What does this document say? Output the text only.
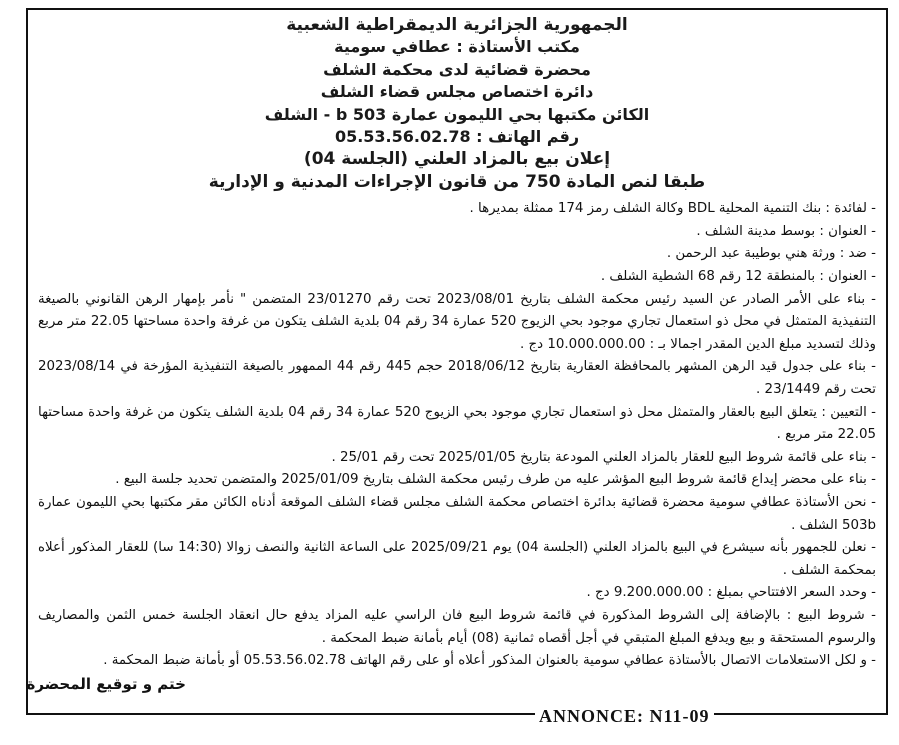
الجمهورية الجزائرية الديمقراطية الشعبية
مكتب الأستاذة : عطافي سومية
محضرة قضائية لدى محكمة الشلف
دائرة اختصاص مجلس قضاء الشلف
الكائن مكتبها بحي الليمون عمارة b 503 - الشلف
رقم الهاتف : 05.53.56.02.78
إعلان بيع بالمزاد العلني (الجلسة 04)
طبقا لنص المادة 750 من قانون الإجراءات المدنية و الإدارية

- لفائدة : بنك التنمية المحلية BDL وكالة الشلف رمز 174 ممثلة بمديرها .

- العنوان : بوسط مدينة الشلف .

- ضد : ورثة هني بوطيبة عبد الرحمن .

- العنوان : بالمنطقة 12 رقم 68 الشطية الشلف .

- بناء على الأمر الصادر عن السيد رئيس محكمة الشلف بتاريخ 2023/08/01 تحت رقم 23/01270 المتضمن " نأمر بإمهار الرهن القانوني بالصيغة التنفيذية المتمثل في محل ذو استعمال تجاري موجود بحي الزيوج 520 عمارة 34 رقم 04 بلدية الشلف يتكون من غرفة واحدة مساحتها 22.05 متر مربع وذلك لتسديد مبلغ الدين المقدر اجمالا بـ : 10.000.000.00 دج .

- بناء على جدول قيد الرهن المشهر بالمحافظة العقارية بتاريخ 2018/06/12 حجم 445 رقم 44 الممهور بالصيغة التنفيذية المؤرخة في 2023/08/14 تحت رقم 23/1449 .

- التعيين : يتعلق البيع بالعقار والمتمثل محل ذو استعمال تجاري موجود بحي الزيوج 520 عمارة 34 رقم 04 بلدية الشلف يتكون من غرفة واحدة مساحتها 22.05 متر مربع .

- بناء على قائمة شروط البيع للعقار بالمزاد العلني المودعة بتاريخ 2025/01/05 تحت رقم 25/01 .

- بناء على محضر إيداع قائمة شروط البيع المؤشر عليه من طرف رئيس محكمة الشلف بتاريخ 2025/01/09 والمتضمن تحديد جلسة البيع .

- نحن الأستاذة عطافي سومية محضرة قضائية بدائرة اختصاص محكمة الشلف مجلس قضاء الشلف الموقعة أدناه الكائن مقر مكتبها بحي الليمون عمارة 503b الشلف .

- نعلن للجمهور بأنه سيشرع في البيع بالمزاد العلني (الجلسة 04) يوم 2025/09/21 على الساعة الثانية والنصف زوالا (14:30 سا) للعقار المذكور أعلاه بمحكمة الشلف .

- وحدد السعر الافتتاحي بمبلغ : 9.200.000.00 دج .

- شروط البيع : بالإضافة إلى الشروط المذكورة في قائمة شروط البيع فان الراسي عليه المزاد يدفع حال انعقاد الجلسة خمس الثمن والمصاريف والرسوم المستحقة و بيع ويدفع المبلغ المتبقي في أجل أقصاه ثمانية (08) أيام بأمانة ضبط المحكمة .

- و لكل الاستعلامات الاتصال بالأستاذة عطافي سومية بالعنوان المذكور أعلاه أو على رقم الهاتف 05.53.56.02.78 أو بأمانة ضبط المحكمة .

ختم و توقيع المحضرة
ANNONCE: N11-09
